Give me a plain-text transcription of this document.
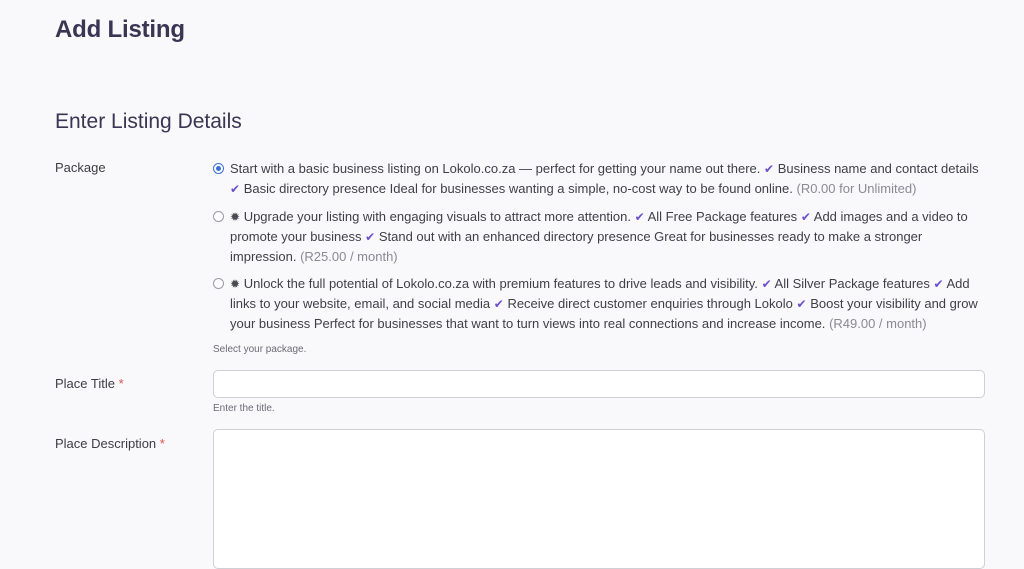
Add Listing
Enter Listing Details
Package	Start with a basic business listing on Lokolo.co.za — perfect for getting your name out there. ✔ Business name and contact details ✔ Basic directory presence Ideal for businesses wanting a simple, no-cost way to be found online. (R0.00 for Unlimited)
✹ Upgrade your listing with engaging visuals to attract more attention. ✔ All Free Package features ✔ Add images and a video to promote your business ✔ Stand out with an enhanced directory presence Great for businesses ready to make a stronger impression. (R25.00 / month)
✹ Unlock the full potential of Lokolo.co.za with premium features to drive leads and visibility. ✔ All Silver Package features ✔ Add links to your website, email, and social media ✔ Receive direct customer enquiries through Lokolo ✔ Boost your visibility and grow your business Perfect for businesses that want to turn views into real connections and increase income. (R49.00 / month)
Select your package.
Place Title *
Enter the title.
Place Description *
